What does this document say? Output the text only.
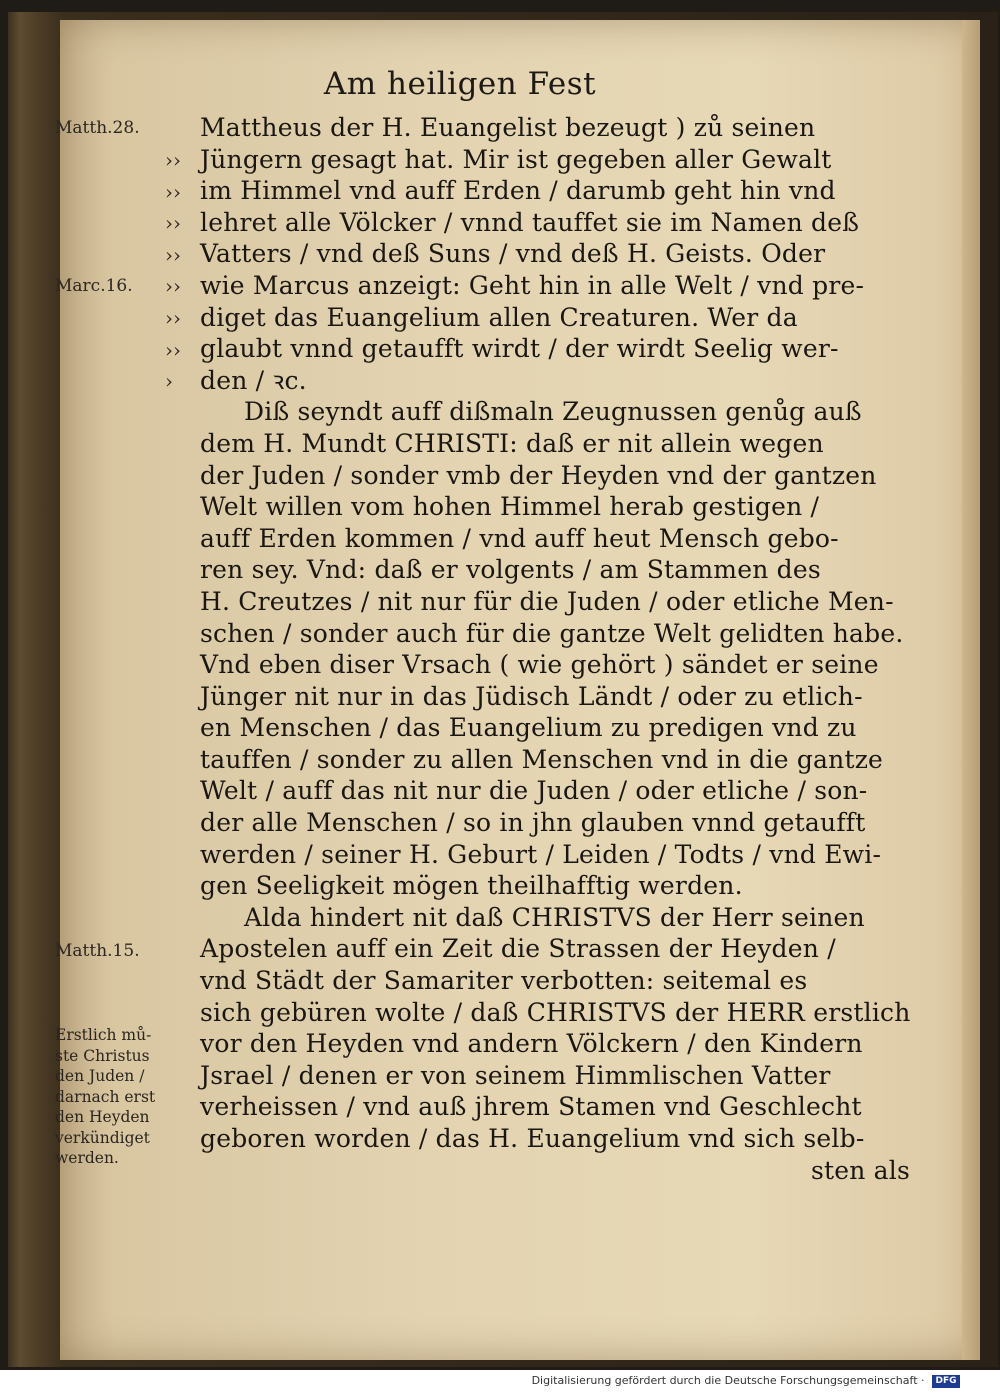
Am heiligen Fest
Matth.28.
Marc.16.
Matth.15.
››
››
››
››
››
››
››
›
Mattheus der H. Euangelist bezeugt ) zů seinen
Jüngern gesagt hat. Mir ist gegeben aller Gewalt
im Himmel vnd auff Erden / darumb geht hin vnd
lehret alle Völcker / vnnd tauffet sie im Namen deß
Vatters / vnd deß Suns / vnd deß H. Geists. Oder
wie Marcus anzeigt: Geht hin in alle Welt / vnd pre-
diget das Euangelium allen Creaturen. Wer da
glaubt vnnd getaufft wirdt / der wirdt Seelig wer-
den / ꝛc.
Diß seyndt auff dißmaln Zeugnussen genůg auß
dem H. Mundt CHRISTI: daß er nit allein wegen
der Juden / sonder vmb der Heyden vnd der gantzen
Welt willen vom hohen Himmel herab gestigen /
auff Erden kommen / vnd auff heut Mensch gebo-
ren sey. Vnd: daß er volgents / am Stammen des
H. Creutzes / nit nur für die Juden / oder etliche Men-
schen / sonder auch für die gantze Welt gelidten habe.
Vnd eben diser Vrsach ( wie gehört ) sändet er seine
Jünger nit nur in das Jüdisch Ländt / oder zu etlich-
en Menschen / das Euangelium zu predigen vnd zu
tauffen / sonder zu allen Menschen vnd in die gantze
Welt / auff das nit nur die Juden / oder etliche / son-
der alle Menschen / so in jhn glauben vnnd getaufft
werden / seiner H. Geburt / Leiden / Todts / vnd Ewi-
gen Seeligkeit mögen theilhafftig werden.
Alda hindert nit daß CHRISTVS der Herr seinen
Apostelen auff ein Zeit die Strassen der Heyden /
vnd Städt der Samariter verbotten: seitemal es
sich gebüren wolte / daß CHRISTVS der HERR erstlich
vor den Heyden vnd andern Völckern / den Kindern
Jsrael / denen er von seinem Himmlischen Vatter
verheissen / vnd auß jhrem Stamen vnd Geschlecht
geboren worden / das H. Euangelium vnd sich selb-
sten als
Erstlich mů-
ste Christus
den Juden /
darnach erst
den Heyden
verkündiget
werden.
Digitalisierung gefördert durch die Deutsche Forschungsgemeinschaft · DFG
